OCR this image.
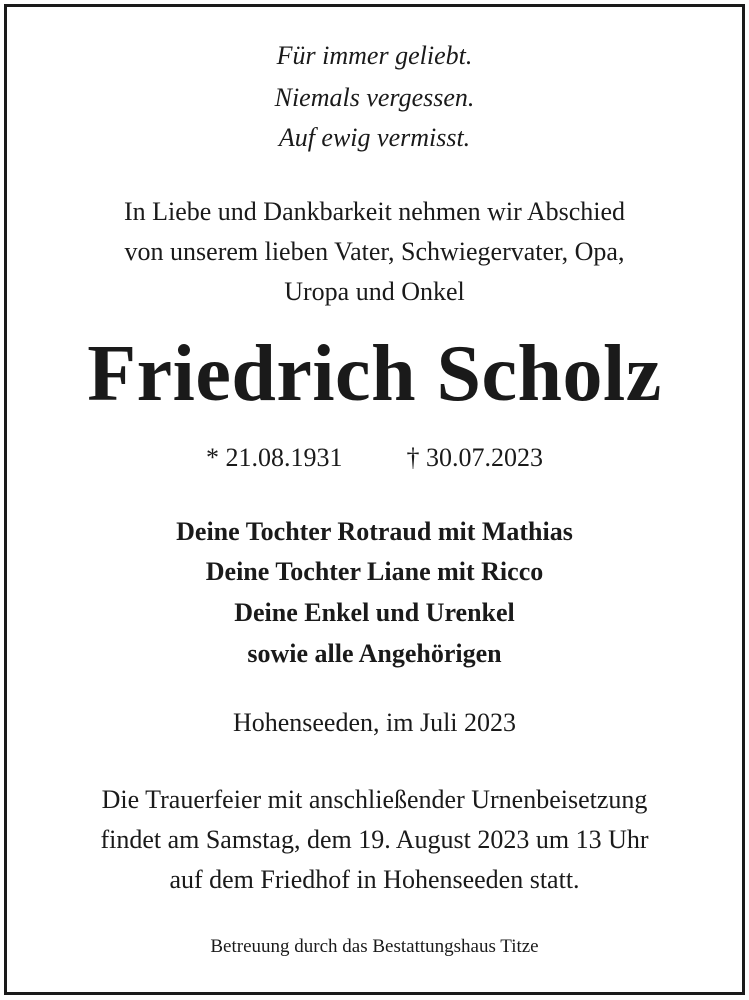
Für immer geliebt.
Niemals vergessen.
Auf ewig vermisst.
In Liebe und Dankbarkeit nehmen wir Abschied
von unserem lieben Vater, Schwiegervater, Opa,
Uropa und Onkel
Friedrich Scholz
* 21.08.1931 † 30.07.2023
Deine Tochter Rotraud mit Mathias
Deine Tochter Liane mit Ricco
Deine Enkel und Urenkel
sowie alle Angehörigen
Hohenseeden, im Juli 2023
Die Trauerfeier mit anschließender Urnenbeisetzung
findet am Samstag, dem 19. August 2023 um 13 Uhr
auf dem Friedhof in Hohenseeden statt.
Betreuung durch das Bestattungshaus Titze
